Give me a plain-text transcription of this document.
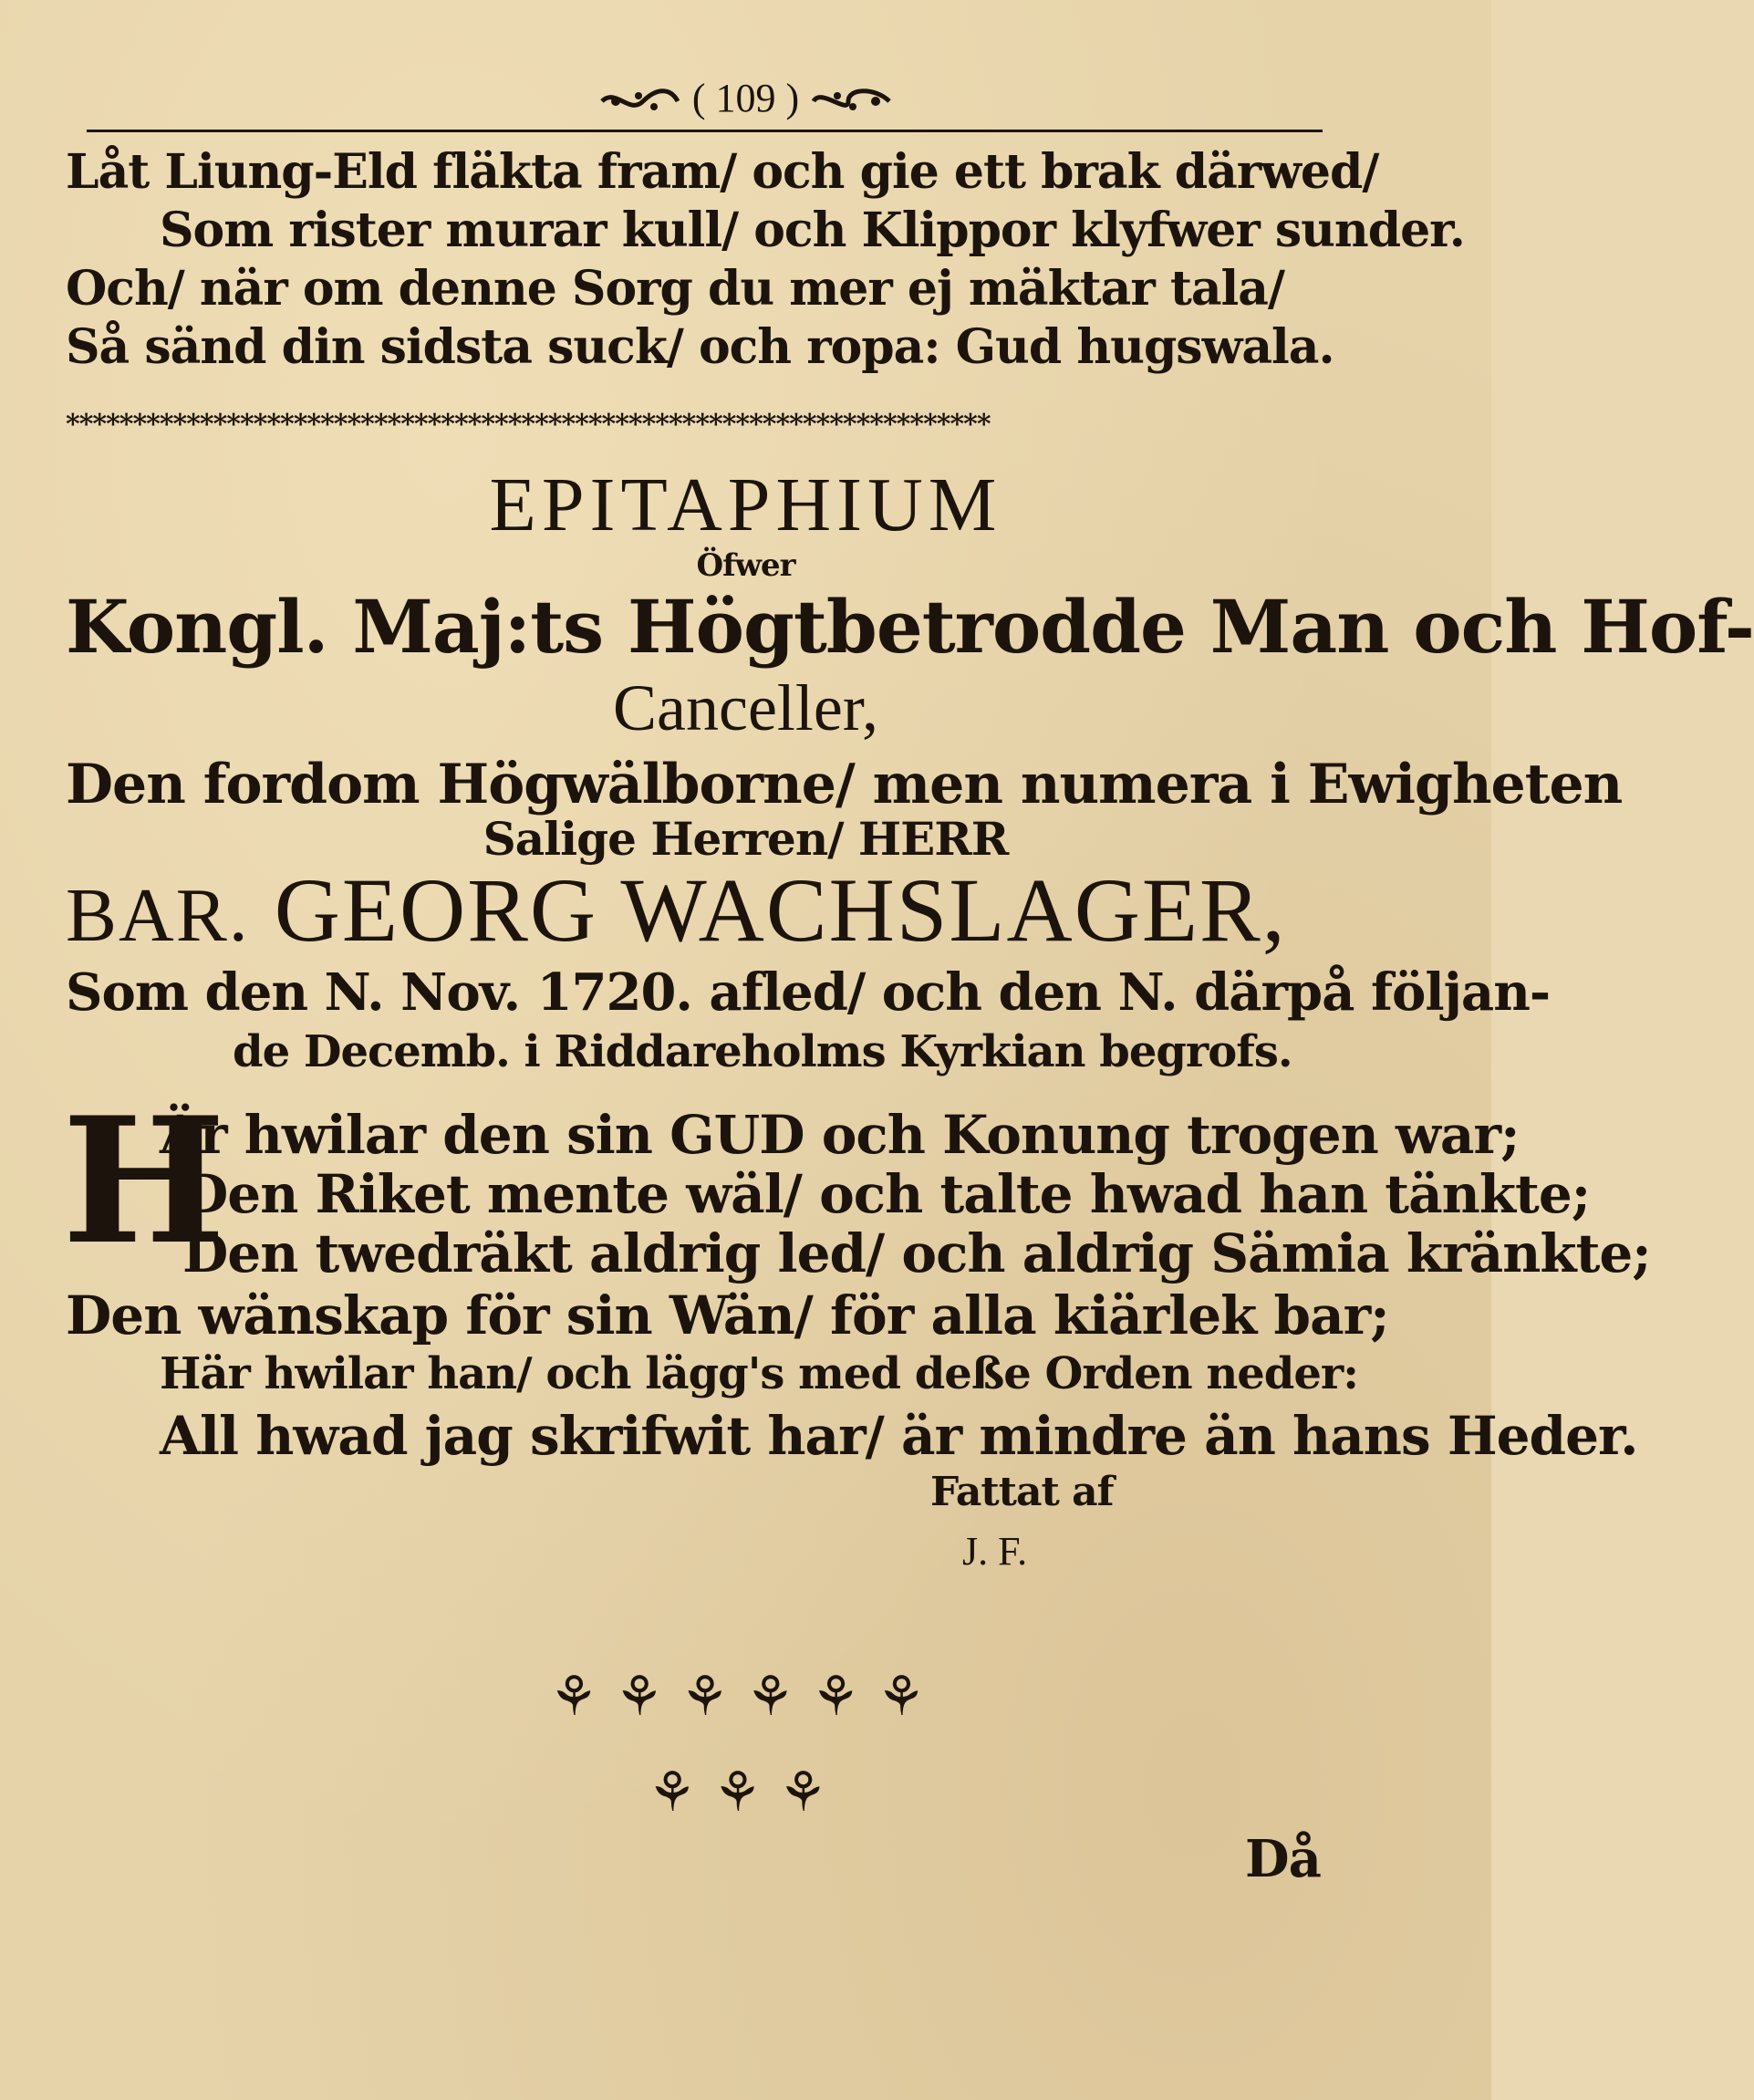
( 109 )
Låt Liung-Eld fläkta fram/ och gie ett brak därwed/
Som rister murar kull/ och Klippor klyfwer sunder.
Och/ när om denne Sorg du mer ej mäktar tala/
Så sänd din sidsta suck/ och ropa: Gud hugswala.
*********************************************************************
EPITAPHIUM
Öfwer
Kongl. Maj:ts Högtbetrodde Man och Hof-
Canceller,
Den fordom Högwälborne/ men numera i Ewigheten
Salige Herren/ HERR
BAR. GEORG WACHSLAGER,
Som den N. Nov. 1720. afled/ och den N. därpå följan-
de Decemb. i Riddareholms Kyrkian begrofs.
H
Är hwilar den sin GUD och Konung trogen war;
Den Riket mente wäl/ och talte hwad han tänkte;
Den twedräkt aldrig led/ och aldrig Sämia kränkte;
Den wänskap för sin Wän/ för alla kiärlek bar;
Här hwilar han/ och lägg's med deße Orden neder:
All hwad jag skrifwit har/ är mindre än hans Heder.
Fattat af
J. F.
⚘⚘⚘⚘⚘⚘
⚘⚘⚘
Då
